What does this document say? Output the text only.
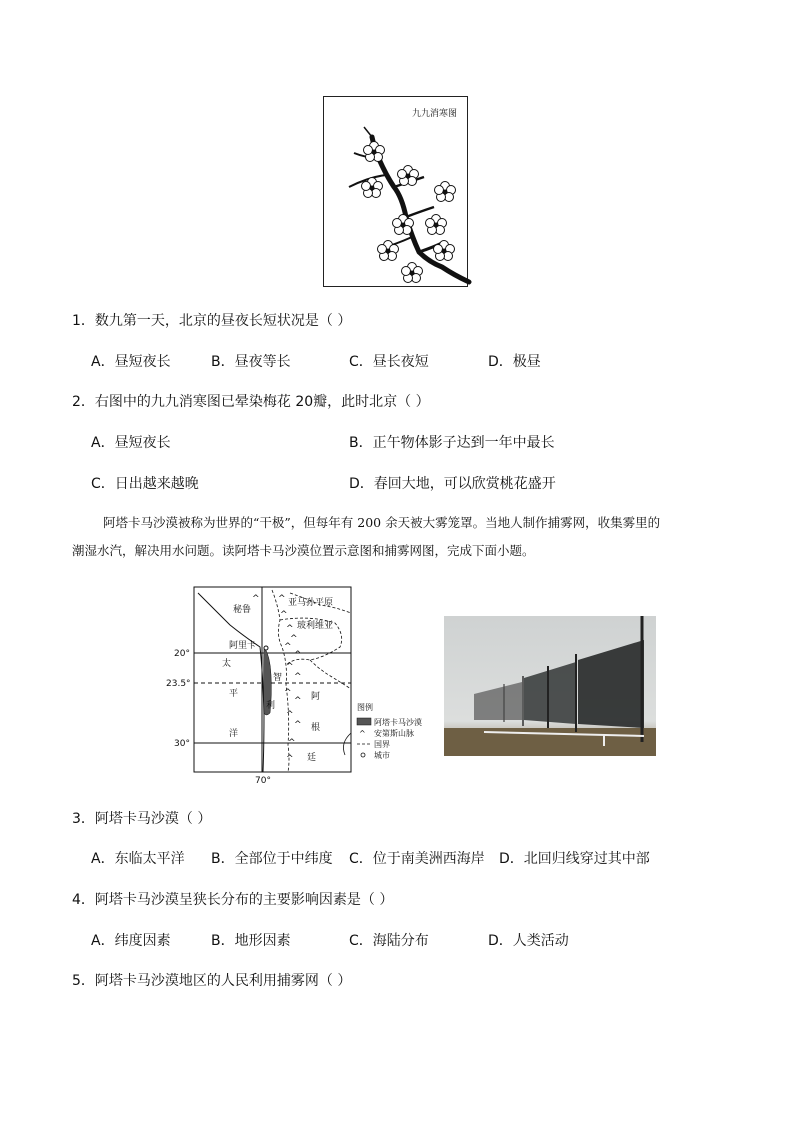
九九消寒图
1．数九第一天，北京的昼夜长短状况是（ ）
A．昼短夜长	B．昼夜等长	C．昼长夜短	D．极昼
2．右图中的九九消寒图已晕染梅花 20瓣，此时北京（ ）
A．昼短夜长	B．正午物体影子达到一年中最长
C．日出越来越晚	D．春回大地，可以欣赏桃花盛开
阿塔卡马沙漠被称为世界的“干极”，但每年有 200 余天被大雾笼罩。当地人制作捕雾网，收集雾里的
潮湿水汽，解决用水问题。读阿塔卡马沙漠位置示意图和捕雾网图，完成下面小题。
^ ^
^
^
^
^
^
^
^
^
^
^
^
^
^
20°
23.5°
30°
70°
秘鲁
亚马孙平原
玻利维亚
阿里卡
太
平
洋
智
利
阿
根
廷
图例
阿塔卡马沙漠
^ 安第斯山脉
国界
城市
3．阿塔卡马沙漠（ ）
A．东临太平洋 B．全部位于中纬度 C．位于南美洲西海岸 D．北回归线穿过其中部
4．阿塔卡马沙漠呈狭长分布的主要影响因素是（ ）
A．纬度因素	B．地形因素	C．海陆分布	D．人类活动
5．阿塔卡马沙漠地区的人民利用捕雾网（ ）
